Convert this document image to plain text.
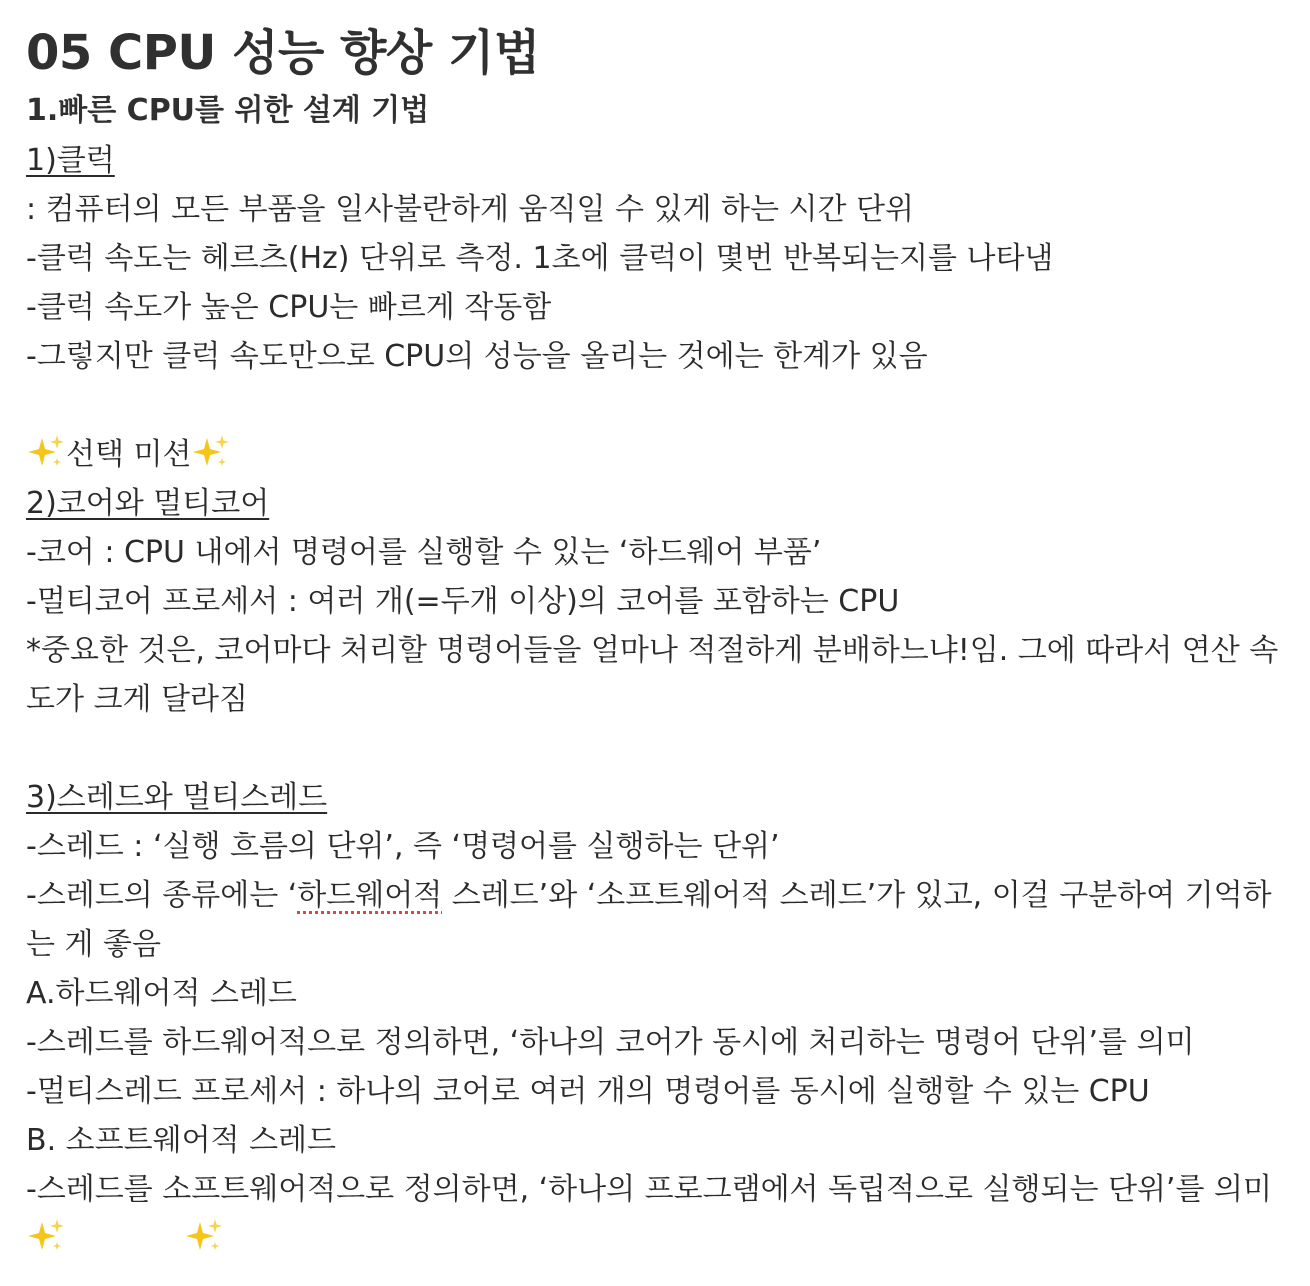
05 CPU 성능 향상 기법
1.빠른 CPU를 위한 설계 기법
1)클럭
: 컴퓨터의 모든 부품을 일사불란하게 움직일 수 있게 하는 시간 단위
-클럭 속도는 헤르츠(Hz) 단위로 측정. 1초에 클럭이 몇번 반복되는지를 나타냄
-클럭 속도가 높은 CPU는 빠르게 작동함
-그렇지만 클럭 속도만으로 CPU의 성능을 올리는 것에는 한계가 있음
선택 미션
2)코어와 멀티코어
-코어 : CPU 내에서 명령어를 실행할 수 있는 ‘하드웨어 부품’
-멀티코어 프로세서 : 여러 개(=두개 이상)의 코어를 포함하는 CPU
*중요한 것은, 코어마다 처리할 명령어들을 얼마나 적절하게 분배하느냐!임. 그에 따라서 연산 속도가 크게 달라짐
3)스레드와 멀티스레드
-스레드 : ‘실행 흐름의 단위’, 즉 ‘명령어를 실행하는 단위’
-스레드의 종류에는 ‘하드웨어적 스레드’와 ‘소프트웨어적 스레드’가 있고, 이걸 구분하여 기억하는 게 좋음
A.하드웨어적 스레드
-스레드를 하드웨어적으로 정의하면, ‘하나의 코어가 동시에 처리하는 명령어 단위’를 의미
-멀티스레드 프로세서 : 하나의 코어로 여러 개의 명령어를 동시에 실행할 수 있는 CPU
B. 소프트웨어적 스레드
-스레드를 소프트웨어적으로 정의하면, ‘하나의 프로그램에서 독립적으로 실행되는 단위’를 의미
